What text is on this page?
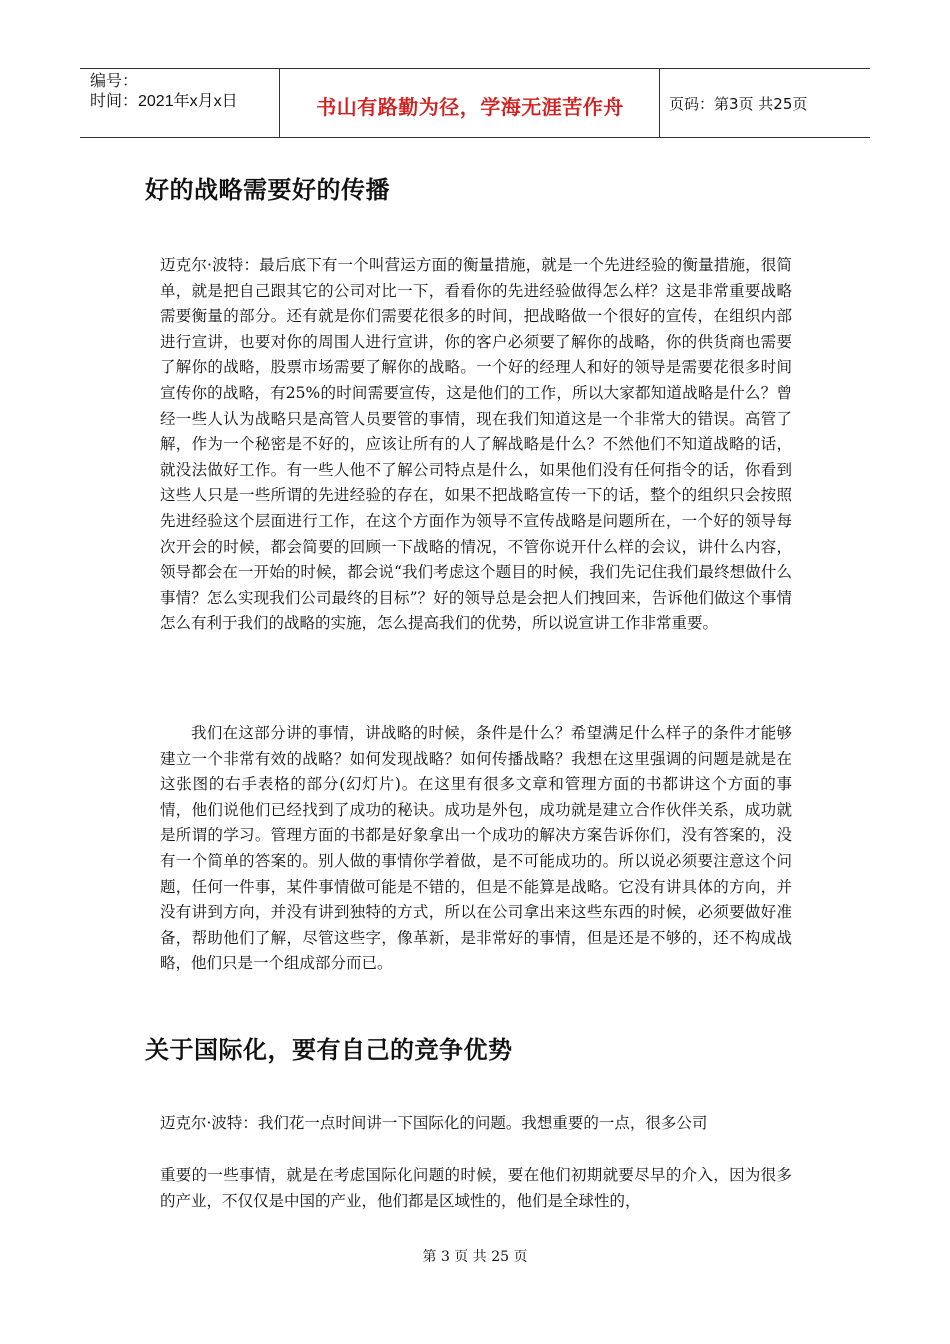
编号：
时间：2021年x月x日	书山有路勤为径，学海无涯苦作舟	页码：第3页 共25页
好的战略需要好的传播

迈克尔·波特：最后底下有一个叫营运方面的衡量措施，就是一个先进经验的衡量措施，很简单，就是把自己跟其它的公司对比一下，看看你的先进经验做得怎么样？这是非常重要战略需要衡量的部分。还有就是你们需要花很多的时间，把战略做一个很好的宣传，在组织内部进行宣讲，也要对你的周围人进行宣讲，你的客户必须要了解你的战略，你的供货商也需要了解你的战略，股票市场需要了解你的战略。一个好的经理人和好的领导是需要花很多时间宣传你的战略，有25%的时间需要宣传，这是他们的工作，所以大家都知道战略是什么？曾经一些人认为战略只是高管人员要管的事情，现在我们知道这是一个非常大的错误。高管了解，作为一个秘密是不好的，应该让所有的人了解战略是什么？不然他们不知道战略的话，就没法做好工作。有一些人他不了解公司特点是什么，如果他们没有任何指令的话，你看到这些人只是一些所谓的先进经验的存在，如果不把战略宣传一下的话，整个的组织只会按照先进经验这个层面进行工作，在这个方面作为领导不宣传战略是问题所在，一个好的领导每次开会的时候，都会简要的回顾一下战略的情况，不管你说开什么样的会议，讲什么内容，领导都会在一开始的时候，都会说“我们考虑这个题目的时候，我们先记住我们最终想做什么事情？怎么实现我们公司最终的目标”？好的领导总是会把人们拽回来，告诉他们做这个事情怎么有利于我们的战略的实施，怎么提高我们的优势，所以说宣讲工作非常重要。

我们在这部分讲的事情，讲战略的时候，条件是什么？希望满足什么样子的条件才能够建立一个非常有效的战略？如何发现战略？如何传播战略？我想在这里强调的问题是就是在这张图的右手表格的部分(幻灯片)。在这里有很多文章和管理方面的书都讲这个方面的事情，他们说他们已经找到了成功的秘诀。成功是外包，成功就是建立合作伙伴关系，成功就是所谓的学习。管理方面的书都是好象拿出一个成功的解决方案告诉你们，没有答案的，没有一个简单的答案的。别人做的事情你学着做，是不可能成功的。所以说必须要注意这个问题，任何一件事，某件事情做可能是不错的，但是不能算是战略。它没有讲具体的方向，并没有讲到方向，并没有讲到独特的方式，所以在公司拿出来这些东西的时候，必须要做好准备，帮助他们了解，尽管这些字，像革新，是非常好的事情，但是还是不够的，还不构成战略，他们只是一个组成部分而已。

关于国际化，要有自己的竞争优势

迈克尔·波特：我们花一点时间讲一下国际化的问题。我想重要的一点，很多公司

重要的一些事情，就是在考虑国际化问题的时候，要在他们初期就要尽早的介入，因为很多的产业，不仅仅是中国的产业，他们都是区域性的，他们是全球性的，

第 3 页 共 25 页
